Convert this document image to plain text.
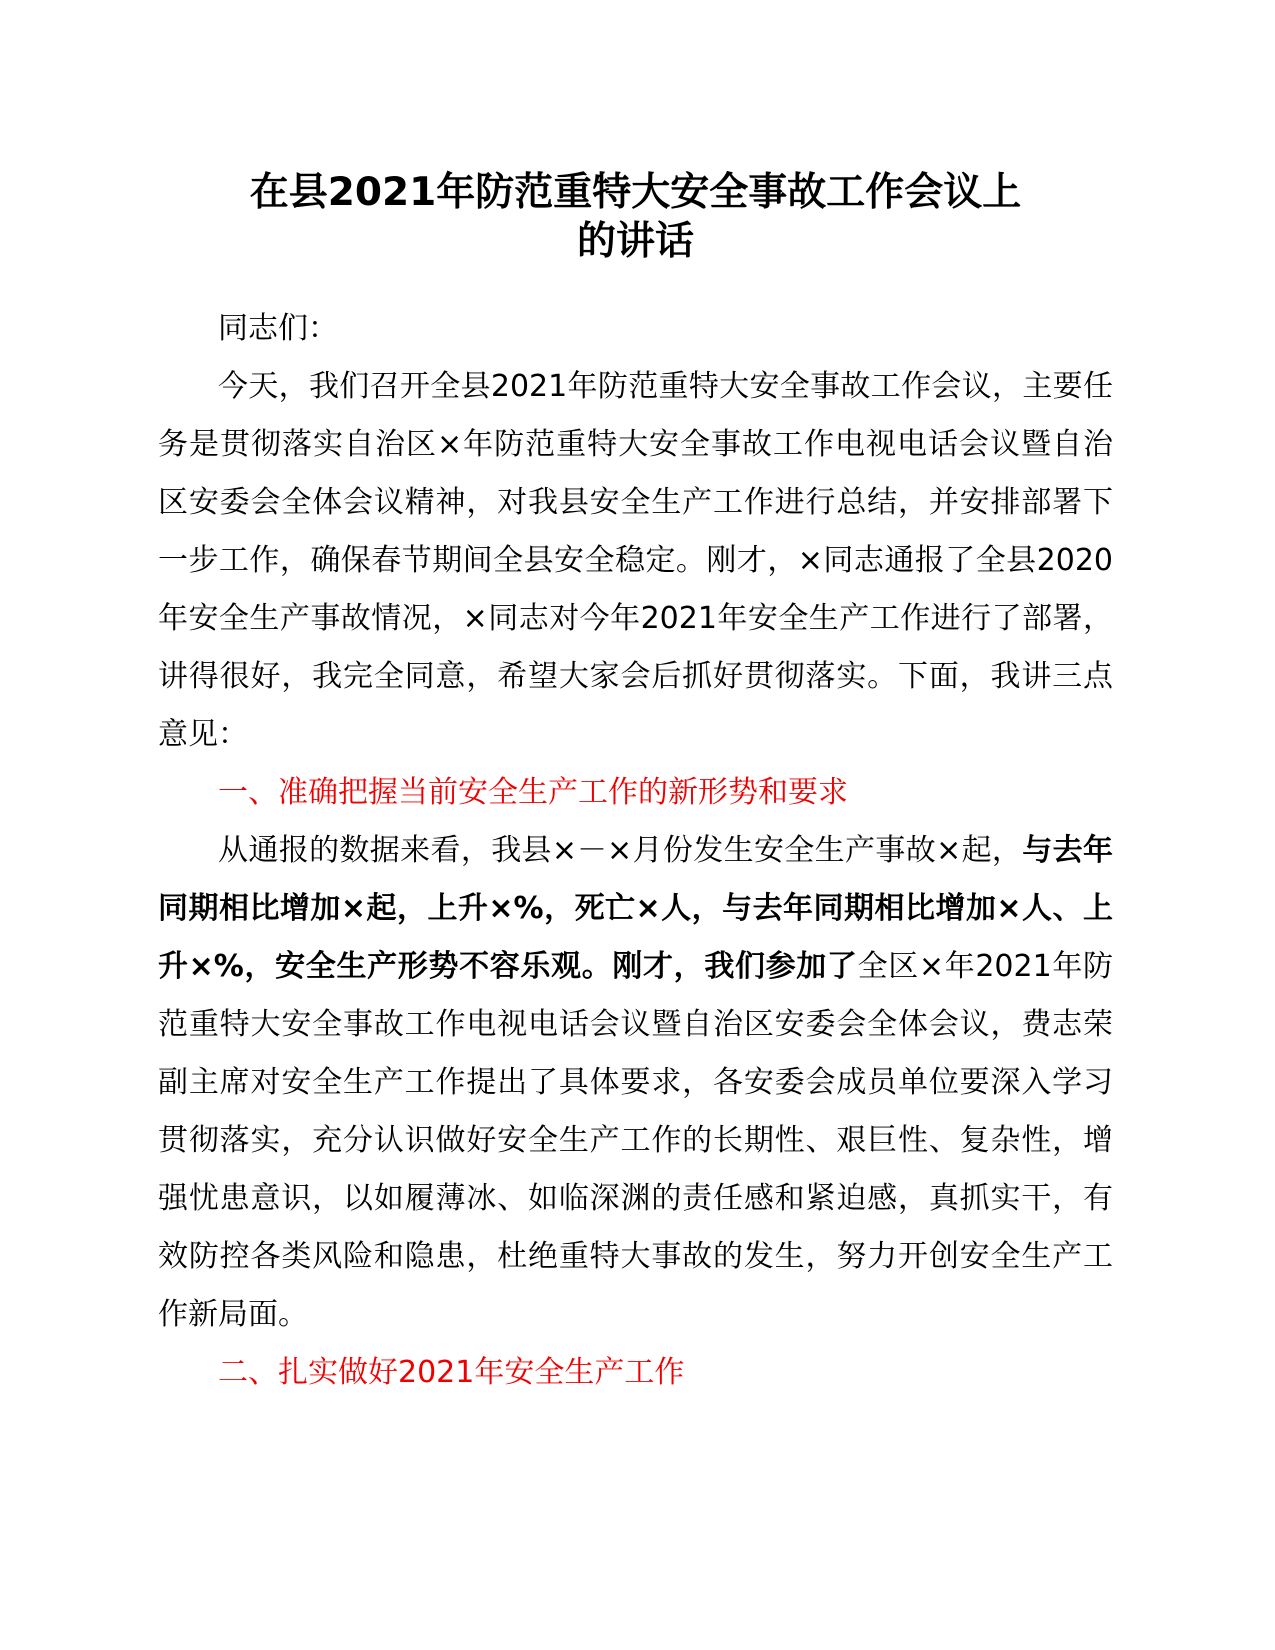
在县2021年防范重特大安全事故工作会议上
的讲话

同志们：

今天，我们召开全县2021年防范重特大安全事故工作会议，主要任务是贯彻落实自治区×年防范重特大安全事故工作电视电话会议暨自治区安委会全体会议精神，对我县安全生产工作进行总结，并安排部署下一步工作，确保春节期间全县安全稳定。刚才，×同志通报了全县2020年安全生产事故情况，×同志对今年2021年安全生产工作进行了部署，讲得很好，我完全同意，希望大家会后抓好贯彻落实。下面，我讲三点意见：

一、准确把握当前安全生产工作的新形势和要求

从通报的数据来看，我县×－×月份发生安全生产事故×起，与去年同期相比增加×起，上升×%，死亡×人，与去年同期相比增加×人、上升×%，安全生产形势不容乐观。刚才，我们参加了全区×年2021年防范重特大安全事故工作电视电话会议暨自治区安委会全体会议，费志荣副主席对安全生产工作提出了具体要求，各安委会成员单位要深入学习贯彻落实，充分认识做好安全生产工作的长期性、艰巨性、复杂性，增强忧患意识，以如履薄冰、如临深渊的责任感和紧迫感，真抓实干，有效防控各类风险和隐患，杜绝重特大事故的发生，努力开创安全生产工作新局面。

二、扎实做好2021年安全生产工作
